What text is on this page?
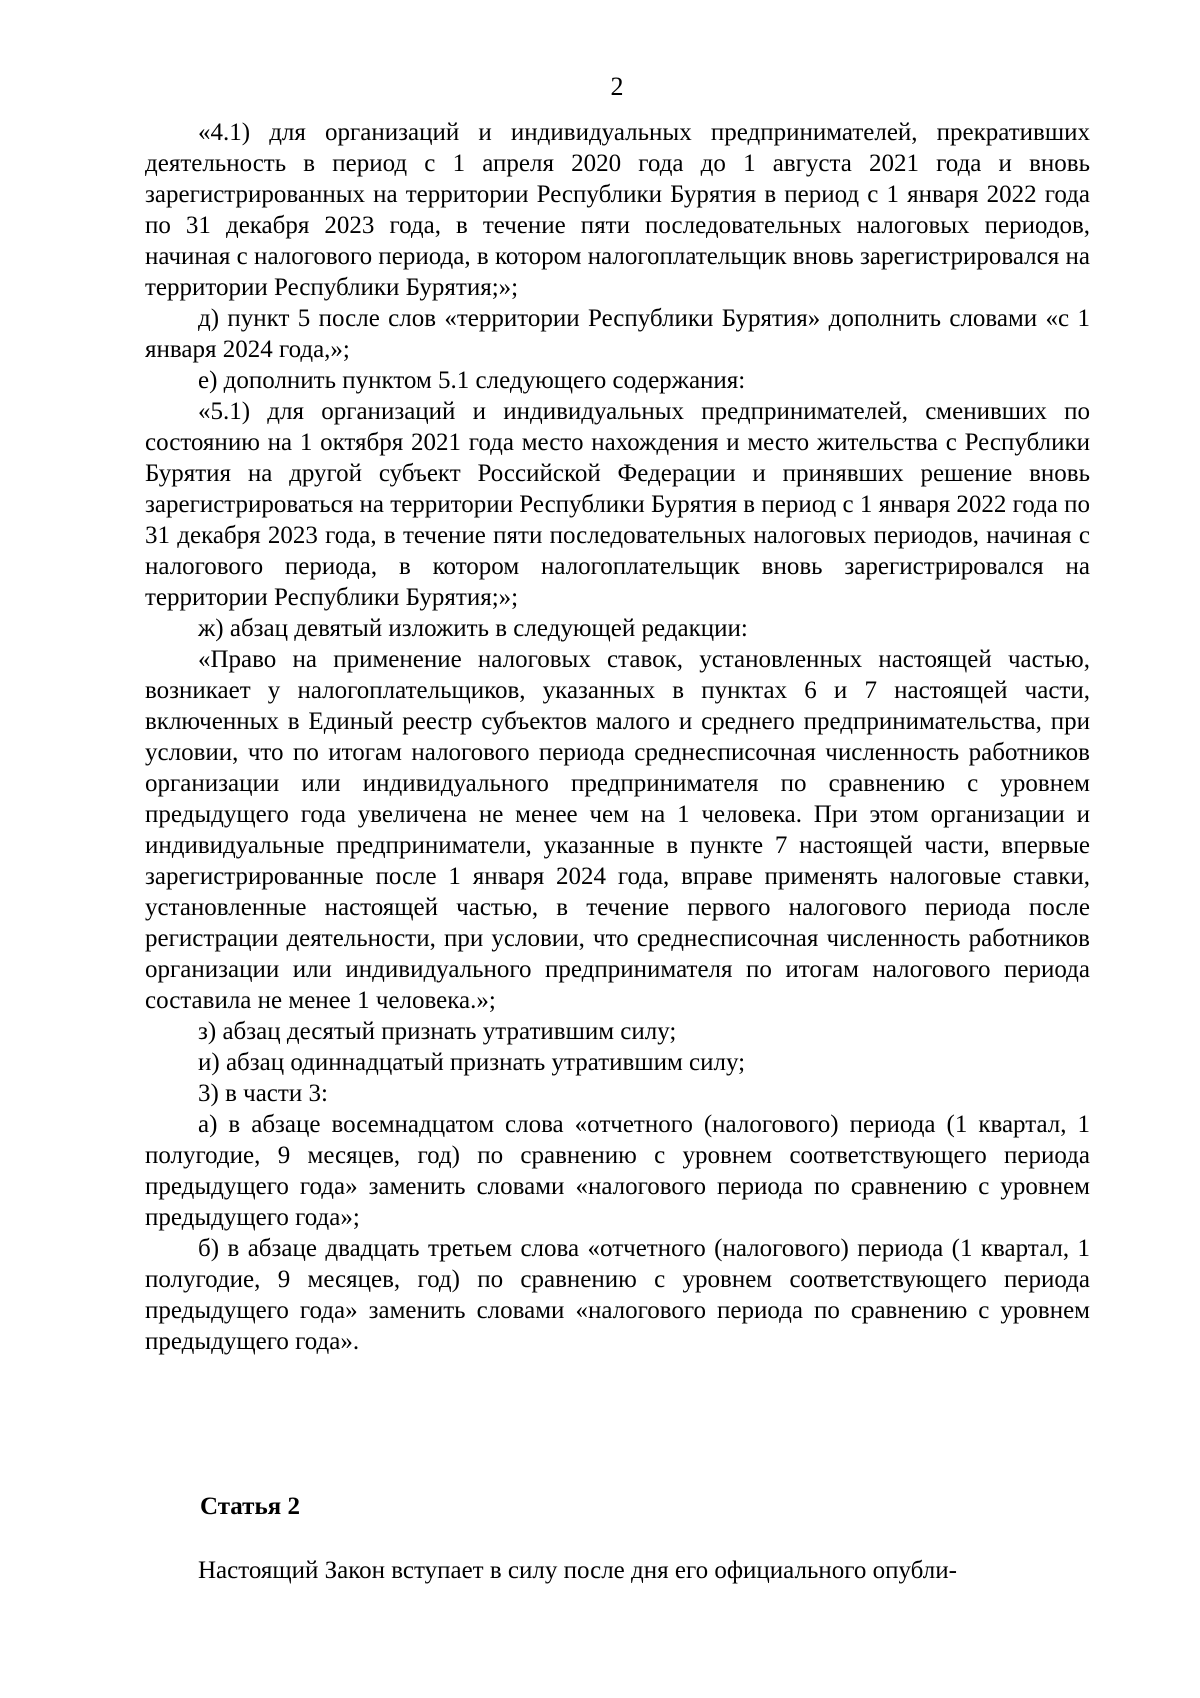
2

«4.1) для организаций и индивидуальных предпринимателей, прекративших деятельность в период с 1 апреля 2020 года до 1 августа 2021 года и вновь зарегистрированных на территории Республики Бурятия в период с 1 января 2022 года по 31 декабря 2023 года, в течение пяти последовательных налоговых периодов, начиная с налогового периода, в котором налогоплательщик вновь зарегистрировался на территории Республики Бурятия;»;

д) пункт 5 после слов «территории Республики Бурятия» дополнить словами «с 1 января 2024 года,»;

е) дополнить пунктом 5.1 следующего содержания:

«5.1) для организаций и индивидуальных предпринимателей, сменивших по состоянию на 1 октября 2021 года место нахождения и место жительства с Республики Бурятия на другой субъект Российской Федерации и принявших решение вновь зарегистрироваться на территории Республики Бурятия в период с 1 января 2022 года по 31 декабря 2023 года, в течение пяти последовательных налоговых периодов, начиная с налогового периода, в котором налогоплательщик вновь зарегистрировался на территории Республики Бурятия;»;

ж) абзац девятый изложить в следующей редакции:

«Право на применение налоговых ставок, установленных настоящей частью, возникает у налогоплательщиков, указанных в пунктах 6 и 7 настоящей части, включенных в Единый реестр субъектов малого и среднего предпринимательства, при условии, что по итогам налогового периода среднесписочная численность работников организации или индивидуального предпринимателя по сравнению с уровнем предыдущего года увеличена не менее чем на 1 человека. При этом организации и индивидуальные предприниматели, указанные в пункте 7 настоящей части, впервые зарегистрированные после 1 января 2024 года, вправе применять налоговые ставки, установленные настоящей частью, в течение первого налогового периода после регистрации деятельности, при условии, что среднесписочная численность работников организации или индивидуального предпринимателя по итогам налогового периода составила не менее 1 человека.»;

з) абзац десятый признать утратившим силу;

и) абзац одиннадцатый признать утратившим силу;

3) в части 3:

а) в абзаце восемнадцатом слова «отчетного (налогового) периода (1 квартал, 1 полугодие, 9 месяцев, год) по сравнению с уровнем соответствующего периода предыдущего года» заменить словами «налогового периода по сравнению с уровнем предыдущего года»;

б) в абзаце двадцать третьем слова «отчетного (налогового) периода (1 квартал, 1 полугодие, 9 месяцев, год) по сравнению с уровнем соответствующего периода предыдущего года» заменить словами «налогового периода по сравнению с уровнем предыдущего года».

Статья 2

Настоящий Закон вступает в силу после дня его официального опубли-
